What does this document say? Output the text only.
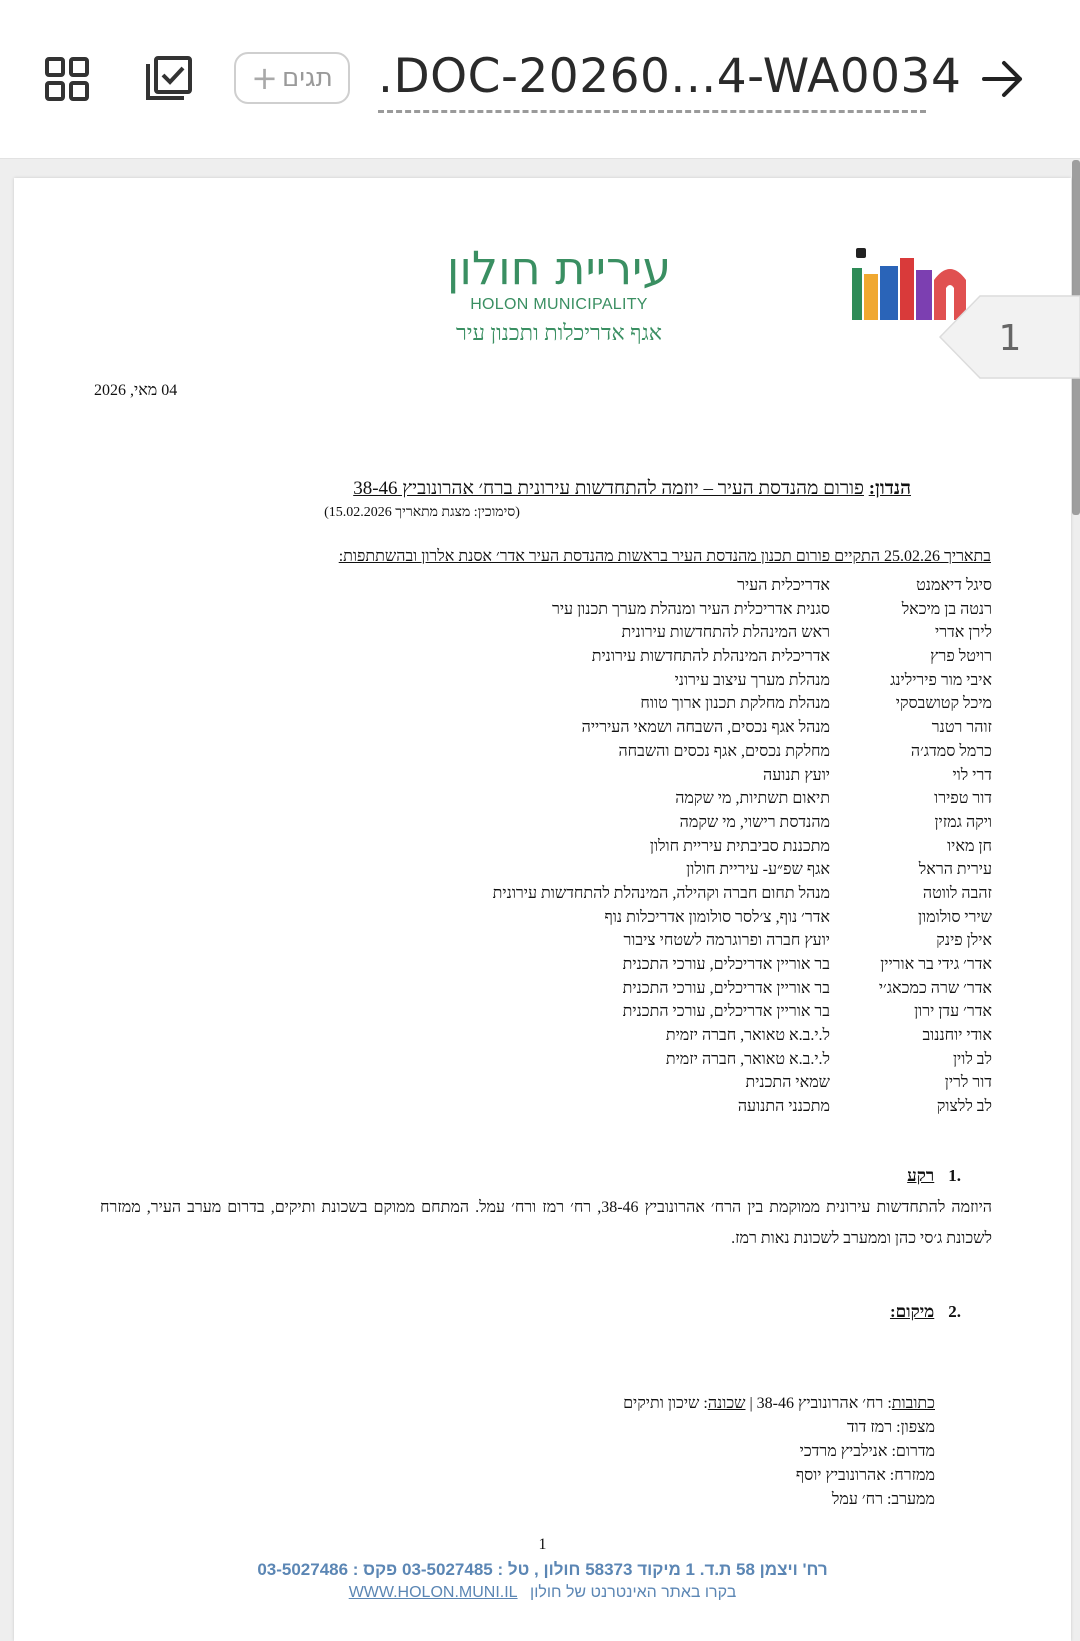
+ תגים .DOC-20260...4-WA0034
עיריית חולון
HOLON MUNICIPALITY
אגף אדריכלות ותכנון עיר
04 מאי, 2026
הנדון: פורום מהנדסת העיר – יוזמה להתחדשות עירונית ברח׳ אהרונוביץ 38-46
(סימוכין: מצגת מתאריך 15.02.2026)
בתאריך 25.02.26 התקיים פורום תכנון מהנדסת העיר בראשות מהנדסת העיר אדר׳ אסנת אלרון ובהשתתפות:
סיגל דיאמנט
אדריכלית העיר
רנטה בן מיכאל
סגנית אדריכלית העיר ומנהלת מערך תכנון עיר
לירן אדרי
ראש המינהלת להתחדשות עירונית
רויטל פרץ
אדריכלית המינהלת להתחדשות עירונית
איבי מור פירילינג
מנהלת מערך עיצוב עירוני
מיכל קטושבסקי
מנהלת מחלקת תכנון ארוך טווח
זוהר רטנר
מנהל אגף נכסים, השבחה ושמאי העירייה
כרמל סמדג׳ה
מחלקת נכסים, אגף נכסים והשבחה
דרי לוי
יועץ תנועה
דור טפירו
תיאום תשתיות, מי שקמה
ויקה גמזין
מהנדסת רישוי, מי שקמה
חן מאיו
מתכננת סביבתית עיריית חולון
עירית הראל
אגף שפ״ע- עיריית חולון
זהבה לווטה
מנהל תחום חברה וקהילה, המינהלת להתחדשות עירונית
שירי סולומון
אדר׳ נוף, צ׳לסר סולומון אדריכלות נוף
אילן פינק
יועץ חברה ופרוגרמה לשטחי ציבור
אדר׳ גידי בר אוריין
בר אוריין אדריכלים, עורכי התכנית
אדר׳ שרה כמכאג׳י
בר אוריין אדריכלים, עורכי התכנית
אדר׳ עדן ירון
בר אוריין אדריכלים, עורכי התכנית
אודי יוחננוב
ל.י.ב.א טאואר, חברה יזמית
לב לוין
ל.י.ב.א טאואר, חברה יזמית
דור לרין
שמאי התכנית
לב ללצוק
מתכנני התנועה
.1רקע
היוזמה להתחדשות עירונית ממוקמת בין הרח׳ אהרונוביץ 38-46, רח׳ רמז ורח׳ עמל. המתחם ממוקם בשכונת ותיקים, בדרום מערב העיר, ממזרח לשכונת ג׳סי כהן וממערב לשכונת נאות רמז.
.2מיקום:
כתובות: רח׳ אהרונוביץ 38-46 | שכונה: שיכון ותיקים
מצפון: רמז דוד
מדרום: אנילביץ מרדכי
ממזרח: אהרונוביץ יוסף
ממערב: רח׳ עמל
1
רח' ויצמן 58 ת.ד. 1 מיקוד 58373 חולון , טל : 03-5027485 פקס : 03-5027486
בקרו באתר האינטרנט של חולון WWW.HOLON.MUNI.IL
1
